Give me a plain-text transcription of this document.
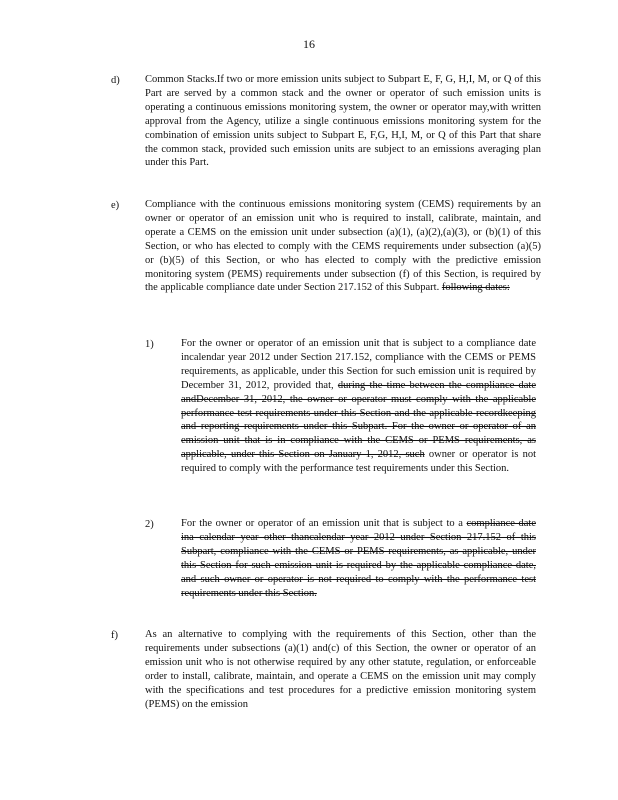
16
d) Common Stacks.If two or more emission units subject to Subpart E, F, G, H,I, M, or Q of this Part are served by a common stack and the owner or operator of such emission units is operating a continuous emissions monitoring system, the owner or operator may,with written approval from the Agency, utilize a single continuous emissions monitoring system for the combination of emission units subject to Subpart E, F,G, H,I, M, or Q of this Part that share the common stack, provided such emission units are subject to an emissions averaging plan under this Part.
e) Compliance with the continuous emissions monitoring system (CEMS) requirements by an owner or operator of an emission unit who is required to install, calibrate, maintain, and operate a CEMS on the emission unit under subsection (a)(1), (a)(2),(a)(3), or (b)(1) of this Section, or who has elected to comply with the CEMS requirements under subsection (a)(5) or (b)(5) of this Section, or who has elected to comply with the predictive emission monitoring system (PEMS) requirements under subsection (f) of this Section, is required by the applicable compliance date under Section 217.152 of this Subpart. following dates:
1)	For the owner or operator of an emission unit that is subject to a compliance date incalendar year 2012 under Section 217.152, compliance with the CEMS or PEMS requirements, as applicable, under this Section for such emission unit is required by December 31, 2012, provided that, during the time between the compliance date andDecember 31, 2012, the owner or operator must comply with the applicable performance test requirements under this Section and the applicable recordkeeping and reporting requirements under this Subpart. For the owner or operator of an emission unit that is in compliance with the CEMS or PEMS requirements, as applicable, under this Section on January 1, 2012, such owner or operator is not required to comply with the performance test requirements under this Section.
2)	For the owner or operator of an emission unit that is subject to a compliance date ina calendar year other thancalendar year 2012 under Section 217.152 of this Subpart, compliance with the CEMS or PEMS requirements, as applicable, under this Section for such emission unit is required by the applicable compliance date, and such owner or operator is not required to comply with the performance test requirements under this Section.
f)	As an alternative to complying with the requirements of this Section, other than the requirements under subsections (a)(1) and(c) of this Section, the owner or operator of an emission unit who is not otherwise required by any other statute, regulation, or enforceable order to install, calibrate, maintain, and operate a CEMS on the emission unit may comply with the specifications and test procedures for a predictive emission monitoring system (PEMS) on the emission
